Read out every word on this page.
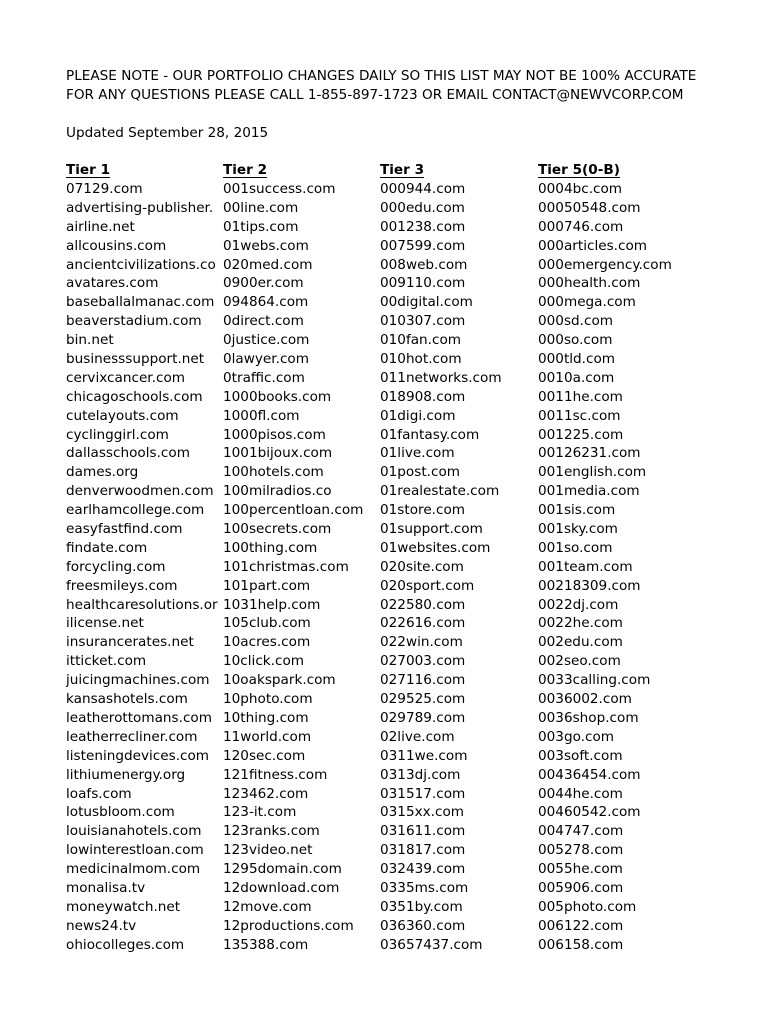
PLEASE NOTE - OUR PORTFOLIO CHANGES DAILY SO THIS LIST MAY NOT BE 100% ACCURATE
FOR ANY QUESTIONS PLEASE CALL 1-855-897-1723 OR EMAIL CONTACT@NEWVCORP.COM
Updated September 28, 2015
Tier 1
07129.com
advertising-publisher.
airline.net
allcousins.com
ancientcivilizations.co
avatares.com
baseballalmanac.com
beaverstadium.com
bin.net
businesssupport.net
cervixcancer.com
chicagoschools.com
cutelayouts.com
cyclinggirl.com
dallasschools.com
dames.org
denverwoodmen.com
earlhamcollege.com
easyfastfind.com
findate.com
forcycling.com
freesmileys.com
healthcaresolutions.or
ilicense.net
insurancerates.net
itticket.com
juicingmachines.com
kansashotels.com
leatherottomans.com
leatherrecliner.com
listeningdevices.com
lithiumenergy.org
loafs.com
lotusbloom.com
louisianahotels.com
lowinterestloan.com
medicinalmom.com
monalisa.tv
moneywatch.net
news24.tv
ohiocolleges.com
Tier 2
001success.com
00line.com
01tips.com
01webs.com
020med.com
0900er.com
094864.com
0direct.com
0justice.com
0lawyer.com
0traffic.com
1000books.com
1000fl.com
1000pisos.com
1001bijoux.com
100hotels.com
100milradios.co
100percentloan.com
100secrets.com
100thing.com
101christmas.com
101part.com
1031help.com
105club.com
10acres.com
10click.com
10oakspark.com
10photo.com
10thing.com
11world.com
120sec.com
121fitness.com
123462.com
123-it.com
123ranks.com
123video.net
1295domain.com
12download.com
12move.com
12productions.com
135388.com
Tier 3
000944.com
000edu.com
001238.com
007599.com
008web.com
009110.com
00digital.com
010307.com
010fan.com
010hot.com
011networks.com
018908.com
01digi.com
01fantasy.com
01live.com
01post.com
01realestate.com
01store.com
01support.com
01websites.com
020site.com
020sport.com
022580.com
022616.com
022win.com
027003.com
027116.com
029525.com
029789.com
02live.com
0311we.com
0313dj.com
031517.com
0315xx.com
031611.com
031817.com
032439.com
0335ms.com
0351by.com
036360.com
03657437.com
Tier 5(0-B)
0004bc.com
00050548.com
000746.com
000articles.com
000emergency.com
000health.com
000mega.com
000sd.com
000so.com
000tld.com
0010a.com
0011he.com
0011sc.com
001225.com
00126231.com
001english.com
001media.com
001sis.com
001sky.com
001so.com
001team.com
00218309.com
0022dj.com
0022he.com
002edu.com
002seo.com
0033calling.com
0036002.com
0036shop.com
003go.com
003soft.com
00436454.com
0044he.com
00460542.com
004747.com
005278.com
0055he.com
005906.com
005photo.com
006122.com
006158.com
